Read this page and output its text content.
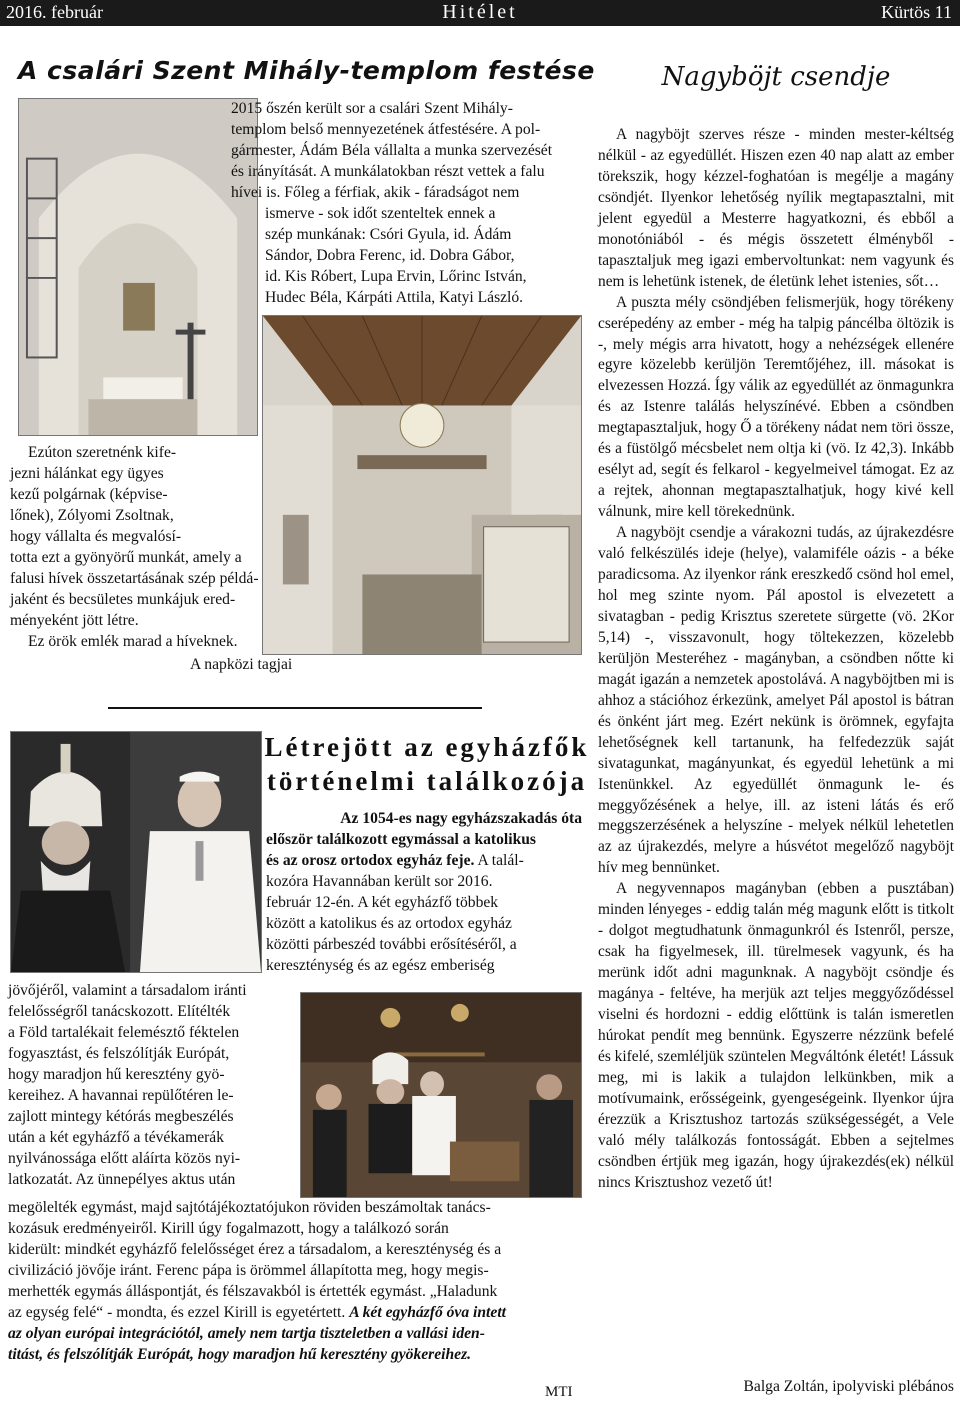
2016. február	Hitélet	Kürtös 11
A csalári Szent Mihály-templom festése
2015 őszén került sor a csalári Szent Mihály-
templom belső mennyezetének átfestésére. A pol-
gármester, Ádám Béla vállalta a munka szervezését
és irányítását. A munkálatokban részt vettek a falu
hívei is. Főleg a férfiak, akik - fáradságot nem
ismerve - sok időt szenteltek ennek a
szép munkának: Csóri Gyula, id. Ádám
Sándor, Dobra Ferenc, id. Dobra Gábor,
id. Kis Róbert, Lupa Ervin, Lőrinc István,
Hudec Béla, Kárpáti Attila, Katyi László.

Ezúton szeretnénk kife-

jezni hálánkat egy ügyes
kezű polgárnak (képvise-
lőnek), Zólyomi Zsoltnak,
hogy vállalta és megvalósí-
totta ezt a gyönyörű munkát, amely a
falusi hívek összetartásának szép példá-
jaként és becsületes munkájuk ered-
ményeként jött létre.
Ez örök emlék marad a híveknek.
A napközi tagjai
Létrejött az egyházfők
történelmi találkozója
Az 1054-es nagy egyházszakadás óta
először találkozott egymással a katolikus
és az orosz ortodox egyház feje. A talál-
kozóra Havannában került sor 2016.
február 12-én. A két egyházfő többek
között a katolikus és az ortodox egyház
közötti párbeszéd további erősítéséről, a
kereszténység és az egész emberiség
jövőjéről, valamint a társadalom iránti
felelősségről tanácskozott. Elítélték
a Föld tartalékait felemésztő féktelen
fogyasztást, és felszólítják Európát,
hogy maradjon hű keresztény gyö-
kereihez. A havannai repülőtéren le-
zajlott mintegy kétórás megbeszélés
után a két egyházfő a tévékamerák
nyilvánossága előtt aláírta közös nyi-
latkozatát. Az ünnepélyes aktus után
megölelték egymást, majd sajtótájékoztatójukon röviden beszámoltak tanács-
kozásuk eredményeiről. Kirill úgy fogalmazott, hogy a találkozó során
kiderült: mindkét egyházfő felelősséget érez a társadalom, a kereszténység és a
civilizáció jövője iránt. Ferenc pápa is örömmel állapította meg, hogy megis-
merhették egymás álláspontját, és félszavakból is értették egymást. „Haladunk
az egység felé“ - mondta, és ezzel Kirill is egyetértett. A két egyházfő óva intett
az olyan európai integrációtól, amely nem tartja tiszteletben a vallási iden-
titást, és felszólítják Európát, hogy maradjon hű keresztény gyökereihez.
MTI
Nagyböjt csendje

A nagyböjt szerves része - minden mester-kéltség nélkül - az egyedüllét. Hiszen ezen 40 nap alatt az ember törekszik, hogy kézzel-foghatóan is megélje a magány csöndjét. Ilyenkor lehetőség nyílik megtapasztalni, mit jelent egyedül a Mesterre hagyatkozni, és ebből a monotóniából - és mégis összetett élményből - tapasztaljuk meg igazi embervoltunkat: nem vagyunk és nem is lehetünk istenek, de életünk lehet istenies, sőt…

A puszta mély csöndjében felismerjük, hogy törékeny cserépedény az ember - még ha talpig páncélba öltözik is -, mely mégis arra hivatott, hogy a nehézségek ellenére egyre közelebb kerüljön Teremtőjéhez, ill. másokat is elvezessen Hozzá. Így válik az egyedüllét az önmagunkra és az Istenre találás helyszínévé. Ebben a csöndben megtapasztaljuk, hogy Ő a törékeny nádat nem töri össze, és a füstölgő mécsbelet nem oltja ki (vö. Iz 42,3). Inkább esélyt ad, segít és felkarol - kegyelmeivel támogat. Ez az a rejtek, ahonnan megtapasztalhatjuk, hogy kivé kell válnunk, mire kell törekednünk.

A nagyböjt csendje a várakozni tudás, az újrakezdésre való felkészülés ideje (helye), valamiféle oázis - a béke paradicsoma. Az ilyenkor ránk ereszkedő csönd hol emel, hol meg szinte nyom. Pál apostol is elvezetett a sivatagban - pedig Krisztus szeretete sürgette (vö. 2Kor 5,14) -, visszavonult, hogy töltekezzen, közelebb kerüljön Mesteréhez - magányban, a csöndben nőtte ki magát igazán a nemzetek apostolává. A nagyböjtben mi is ahhoz a stációhoz érkezünk, amelyet Pál apostol is bátran és önként járt meg. Ezért nekünk is örömnek, egyfajta lehetőségnek kell tartanunk, ha felfedezzük saját sivatagunkat, magányunkat, és egyedül lehetünk a mi Istenünkkel. Az egyedüllét önmagunk le- és meggyőzésének a helye, ill. az isteni látás és erő meggszerzésének a helyszíne - melyek nélkül lehetetlen az az újrakezdés, melyre a húsvétot megelőző nagyböjt hív meg bennünket.

A negyvennapos magányban (ebben a pusztában) minden lényeges - eddig talán még magunk előtt is titkolt - dolgot megtudhatunk önmagunkról és Istenről, persze, csak ha figyelmesek, ill. türelmesek vagyunk, és ha merünk időt adni magunknak. A nagyböjt csöndje és magánya - feltéve, ha merjük azt teljes meggyőződéssel viselni és hordozni - eddig előttünk is talán ismeretlen húrokat pendít meg bennünk. Egyszerre nézzünk befelé és kifelé, szemléljük szüntelen Megváltónk életét! Lássuk meg, mi is lakik a tulajdon lelkünkben, mik a motívumaink, erősségeink, gyengeségeink. Ilyenkor újra érezzük a Krisztushoz tartozás szükségességét, a Vele való mély találkozás fontosságát. Ebben a sejtelmes csöndben értjük meg igazán, hogy újrakezdés(ek) nélkül nincs Krisztushoz vezető út!

Balga Zoltán, ipolyviski plébános
